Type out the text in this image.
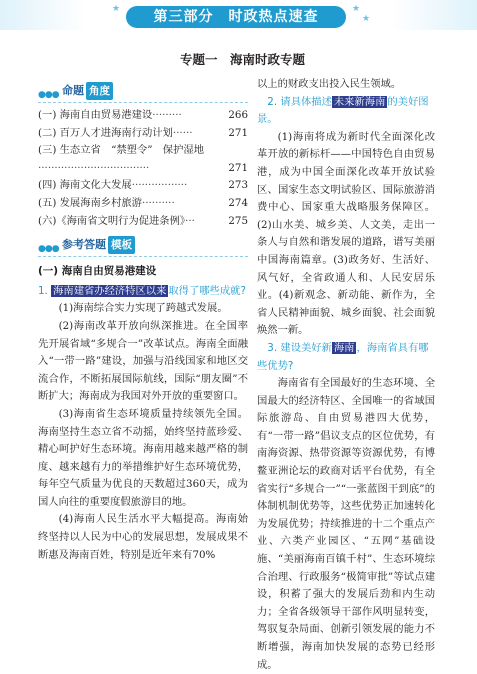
★	★
★
第三部分　时政热点速查
专题一　海南时政专题
●●● 命题 角度
266
(一) 海南自由贸易港建设·········
271
(二) 百万人才进海南行动计划······
(三) 生态立省　“禁塑令”　保护湿地
271
··································
273
(四) 海南文化大发展·················
274
(五) 发展海南乡村旅游··········
275
(六)《海南省文明行为促进条例》···
●●● 参考答题 模板
(一) 海南自由贸易港建设
1. 海南建省办经济特区以来 取得了哪些成就?

(1)海南综合实力实现了跨越式发展。

(2)海南改革开放向纵深推进。在全国率先开展省域“多规合一”改革试点。海南全面融入“一带一路”建设，加强与沿线国家和地区交流合作，不断拓展国际航线，国际“朋友圈”不断扩大；海南成为我国对外开放的重要窗口。

(3)海南省生态环境质量持续领先全国。海南坚持生态立省不动摇，始终坚持蓝珍爱、精心呵护好生态环境。海南用越来越严格的制度、越来越有力的举措维护好生态环境优势，每年空气质量为优良的天数超过360天，成为国人向往的重要度假旅游目的地。

(4)海南人民生活水平大幅提高。海南始终坚持以人民为中心的发展思想，发展成果不断惠及海南百姓，特别是近年来有70%

以上的财政支出投入民生领域。
2. 请具体描述 未来新海南 的美好图景。

(1)海南将成为新时代全面深化改革开放的新标杆——中国特色自由贸易港，成为中国全面深化改革开放试验区、国家生态文明试验区、国际旅游消费中心、国家重大战略服务保障区。(2)山水美、城乡美、人文美，走出一条人与自然和谐发展的道路，谱写美丽中国海南篇章。(3)政务好、生活好、风气好，全省政通人和、人民安居乐业。(4)新观念、新动能、新作为，全省人民精神面貌、城乡面貌、社会面貌焕然一新。

3. 建设美好新 海南 ，海南省具有哪些优势?

海南省有全国最好的生态环境、全国最大的经济特区、全国唯一的省域国际旅游岛、自由贸易港四大优势，有“一带一路”倡议支点的区位优势，有南海资源、热带资源等资源优势，有博鳌亚洲论坛的政商对话平台优势，有全省实行“多规合一”“一张蓝图干到底”的体制机制优势等，这些优势正加速转化为发展优势；持续推进的十二个重点产业、六类产业园区、“五网”基础设施、“美丽海南百镇千村”、生态环境综合治理、行政服务“极简审批”等试点建设，积蓄了强大的发展后劲和内生动力；全省各级领导干部作风明显转变，驾驭复杂局面、创新引领发展的能力不断增强，海南加快发展的态势已经形成。
